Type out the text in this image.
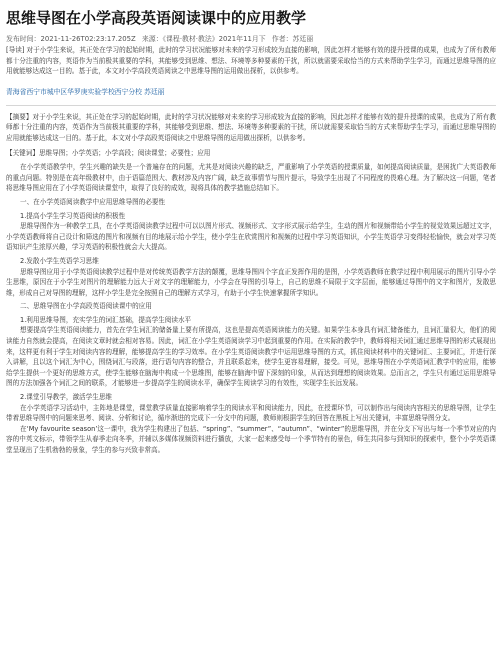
思维导图在小学高段英语阅读课中的应用教学
发布时间：2021-11-26T02:23:17.205Z 来源：《课程·教材·教法》2021年11月下 作者：苏廷丽

[导读] 对于小学生来说，其正处在学习的起始时期，此时的学习状况能够对未来的学习形成较为直接的影响，因此怎样才能够有效的提升授课的成果，也成为了所有教师都十分注重的内容，英语作为当前极其重要的学科，其能够受到思维、想法、环境等多种要素的干扰，所以就需要采取恰当的方式来帮助学生学习，而通过思维导图的应用就能够达成这一目的。基于此，本文对小学高段英语阅读之中思维导图的运用做出探析，以供参考。

青海省西宁市城中区华罗庚实验学校西宁分校 苏廷丽

【摘要】对于小学生来说，其正处在学习的起始时期，此时的学习状况能够对未来的学习形成较为直接的影响，因此怎样才能够有效的提升授课的成果，也成为了所有教师都十分注重的内容，英语作为当前极其重要的学科，其能够受到思维、想法、环境等多种要素的干扰，所以就需要采取恰当的方式来帮助学生学习，而通过思维导图的应用就能够达成这一目的。基于此，本文对小学高段英语阅读之中思维导图的运用做出探析，以供参考。

【关键词】思维导图；小学英语；小学高段；阅读课堂；必要性；应用

在小学英语教学中，学生兴趣的缺失是一个普遍存在的问题，尤其是对阅读兴趣的缺乏，严重影响了小学英语的授课质量，如何提高阅读质量，是困扰广大英语教师的重点问题。特别是在高年级教材中，由于语篇范围大、教材涉及内容广阔，缺乏故事情节与图片提示，导致学生出现了不同程度的畏难心理。为了解决这一问题，笔者将思维导图应用在了小学英语阅读课堂中，取得了良好的成效，现将具体的教学措施总结如下。

一、在小学英语阅读教学中应用思维导图的必要性

1.提高小学生学习英语阅读的积极性

思维导图作为一种教学工具，在小学英语阅读教学过程中可以以图片形式、视频形式、文字形式展示给学生，生动的图片和视频带给小学生的视觉效果远超过文字，小学英语教师将自己设计和筛选的图片和视频有目的地展示给小学生，使小学生在欣赏图片和视频的过程中学习英语知识，小学生英语学习变得轻松愉快，就会对学习英语知识产生浓厚兴趣，学习英语的积极性就会大大提高。

2.发散小学生英语学习思维

思维导图应用于小学英语阅读教学过程中是对传统英语教学方法的颠覆，思维导图四个字直正发挥作用的是图，小学英语教师在教学过程中利用展示的图片引导小学生思维，原因在于小学生对图片的理解能力远大于对文字的理解能力，小学会在导图的引导上，自己的思维不局限于文字层面，能够通过导图中的文字和图片，发散思维，形成自己对导图的理解，这样小学生是完全按照自己的理解方式学习，有助于小学生快速掌握所学知识。

二、思维导图在小学高段英语阅读课中的应用

1.利用思维导图，充实学生的词汇基础，提高学生阅读水平

想要提高学生英语阅读能力，首先在学生词汇的储备量上要有所提高，这也是提高英语阅读能力的关键。如果学生本身具有词汇储备能力，且词汇量很大，他们的阅读能力自然就会提高，在阅读文章时就会相对容易。因此，词汇在小学生英语阅读学习中起到重要的作用。在实际的教学中，教师将相关词汇通过思维导图的形式展现出来，这样更有利于学生对阅读内容的理解，能够提高学生的学习效率。在小学生英语阅读教学中运用思维导图的方式，抓住阅读材料中的关键词汇、主要词汇，并进行深入讲解，且以这个词汇为中心，围绕词汇与段落，进行语句内容的整合，并且联系起来，使学生更容易理解，接受。可见，思维导图在小学英语词汇教学中的应用，能够给学生提供一个更好的思维方式，使学生能够在脑海中构成一个思维图，能够在脑海中留下深刻的印象，从而达到理想的阅读效果。总而言之，学生只有通过运用思维导图的方法加强各个词汇之间的联系，才能够进一步提高学生的阅读水平，确保学生阅读学习的有效性，实现学生长远发展。

2.课堂引导教学，激活学生思维

在小学英语学习活动中，主阵地是课堂，课堂教学质量直接影响着学生的阅读水平和阅读能力，因此，在授课环节，可以制作出与阅读内容相关的思维导图，让学生带着思维导图中的问题来思考、阅读、分析和讨论，循序渐进的完成下一分支中的问题，教师则根据学生的回答在黑板上写出关键词，丰富思维导图分支。

在‘My favourite season’这一课中，我为学生构建出了包括、“spring”、“summer”、“autumn”、“winter”的思维导图，并在分支下写出与每一个季节对应的内容的中英文标示，带领学生从春季走向冬季，并辅以多媒体视频资料进行播放，大家一起来感受每一个季节特有的景色，师生共同参与到知识的探索中，整个小学英语课堂呈现出了生机勃勃的景象，学生的参与兴致非常高。
